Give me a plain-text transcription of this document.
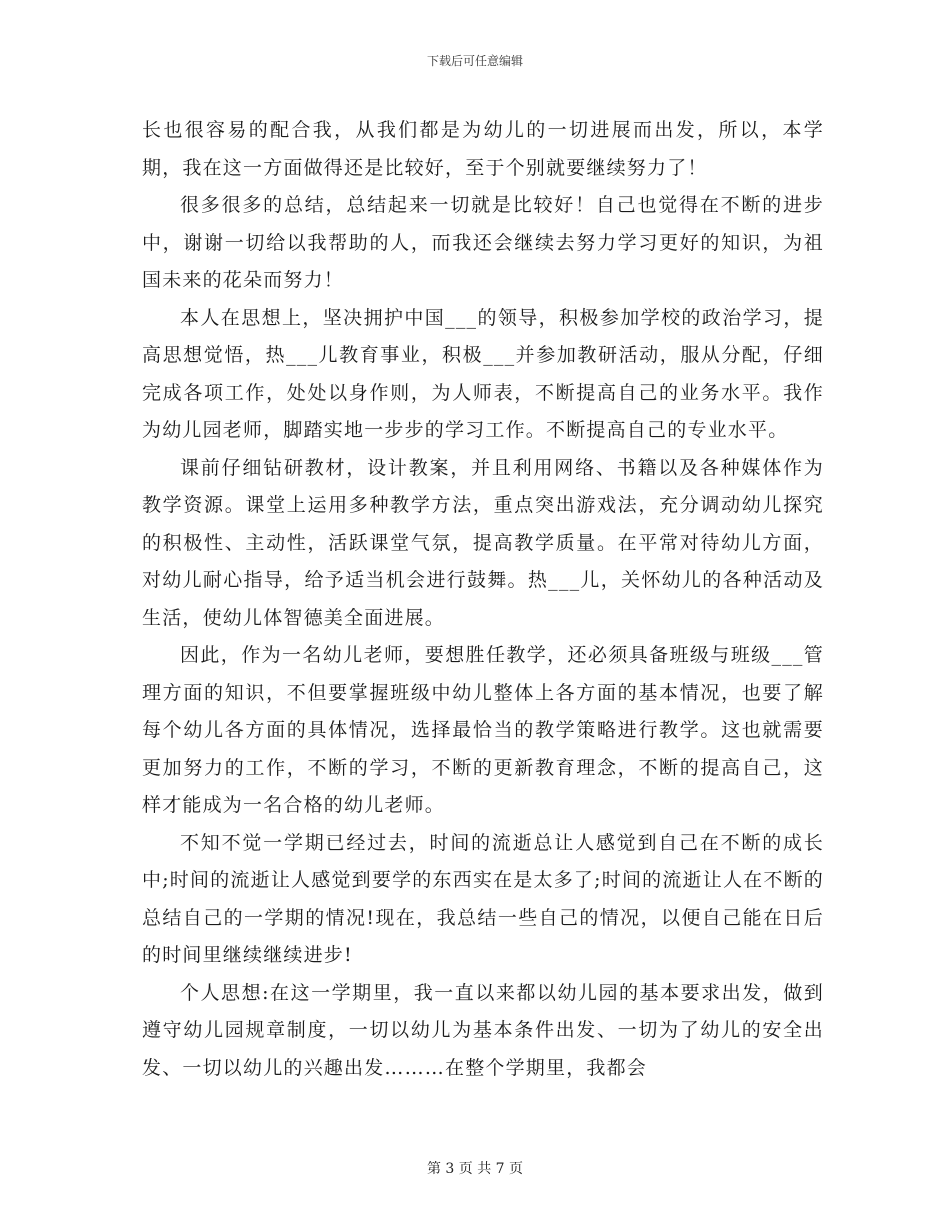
下载后可任意编辑

长也很容易的配合我，从我们都是为幼儿的一切进展而出发，所以，本学期，我在这一方面做得还是比较好，至于个别就要继续努力了！

很多很多的总结，总结起来一切就是比较好！自己也觉得在不断的进步中，谢谢一切给以我帮助的人，而我还会继续去努力学习更好的知识，为祖国未来的花朵而努力！

本人在思想上，坚决拥护中国___的领导，积极参加学校的政治学习，提高思想觉悟，热___儿教育事业，积极___并参加教研活动，服从分配，仔细完成各项工作，处处以身作则，为人师表，不断提高自己的业务水平。我作为幼儿园老师，脚踏实地一步步的学习工作。不断提高自己的专业水平。

课前仔细钻研教材，设计教案，并且利用网络、书籍以及各种媒体作为教学资源。课堂上运用多种教学方法，重点突出游戏法，充分调动幼儿探究的积极性、主动性，活跃课堂气氛，提高教学质量。在平常对待幼儿方面，对幼儿耐心指导，给予适当机会进行鼓舞。热___儿，关怀幼儿的各种活动及生活，使幼儿体智德美全面进展。

因此，作为一名幼儿老师，要想胜任教学，还必须具备班级与班级___管理方面的知识，不但要掌握班级中幼儿整体上各方面的基本情况，也要了解每个幼儿各方面的具体情况，选择最恰当的教学策略进行教学。这也就需要更加努力的工作，不断的学习，不断的更新教育理念，不断的提高自己，这样才能成为一名合格的幼儿老师。

不知不觉一学期已经过去，时间的流逝总让人感觉到自己在不断的成长中;时间的流逝让人感觉到要学的东西实在是太多了;时间的流逝让人在不断的总结自己的一学期的情况!现在，我总结一些自己的情况，以便自己能在日后的时间里继续继续进步!

个人思想:在这一学期里，我一直以来都以幼儿园的基本要求出发，做到遵守幼儿园规章制度，一切以幼儿为基本条件出发、一切为了幼儿的安全出发、一切以幼儿的兴趣出发………在整个学期里，我都会

第 3 页 共 7 页
